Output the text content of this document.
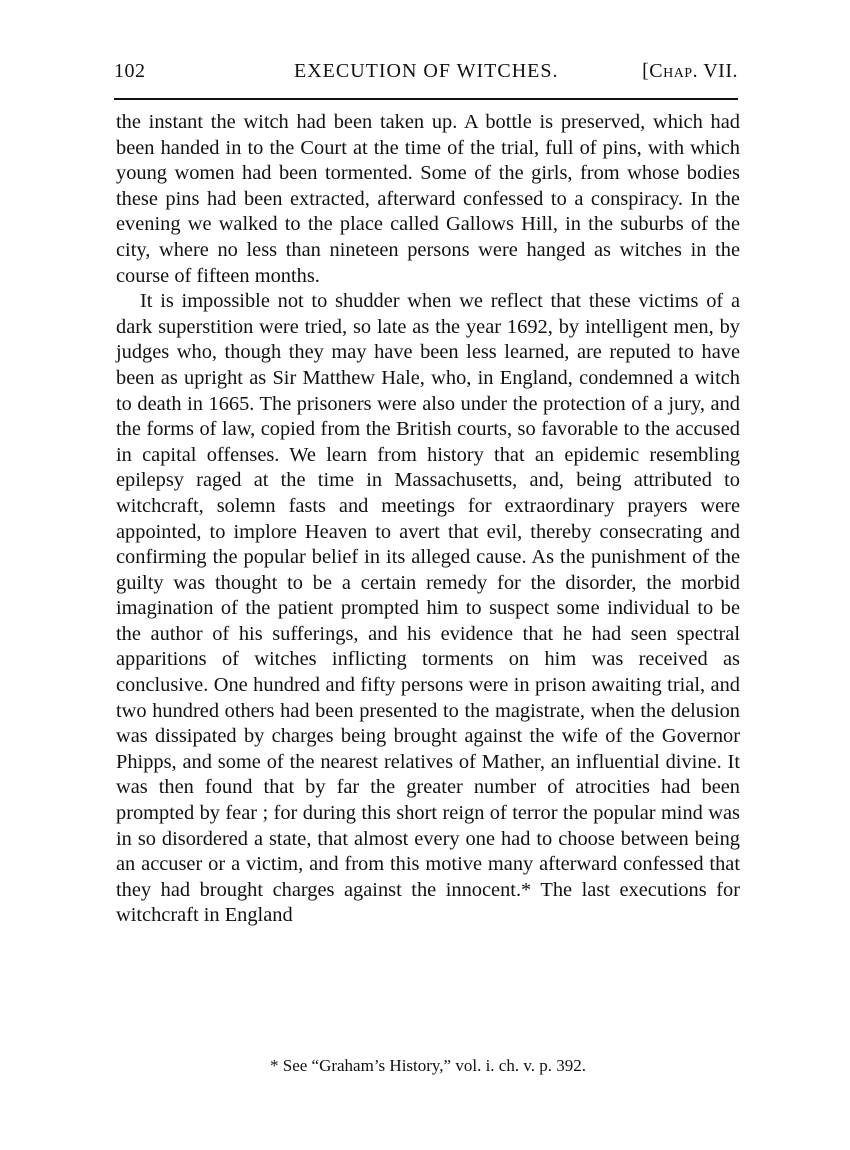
102	EXECUTION OF WITCHES.	[Chap. VII.

the instant the witch had been taken up. A bottle is preserved, which had been handed in to the Court at the time of the trial, full of pins, with which young women had been tormented. Some of the girls, from whose bodies these pins had been extracted, afterward confessed to a conspiracy. In the evening we walked to the place called Gallows Hill, in the suburbs of the city, where no less than nineteen persons were hanged as witches in the course of fifteen months.

It is impossible not to shudder when we reflect that these victims of a dark superstition were tried, so late as the year 1692, by intelligent men, by judges who, though they may have been less learned, are reputed to have been as upright as Sir Matthew Hale, who, in England, condemned a witch to death in 1665. The prisoners were also under the protection of a jury, and the forms of law, copied from the British courts, so favorable to the accused in capital offenses. We learn from history that an epidemic resembling epilepsy raged at the time in Massachusetts, and, being attributed to witchcraft, solemn fasts and meetings for extraordinary prayers were appointed, to implore Heaven to avert that evil, thereby consecrating and confirming the popular belief in its alleged cause. As the punishment of the guilty was thought to be a certain remedy for the disorder, the morbid imagination of the patient prompted him to suspect some individual to be the author of his sufferings, and his evidence that he had seen spectral apparitions of witches inflicting torments on him was received as conclusive. One hundred and fifty persons were in prison awaiting trial, and two hundred others had been presented to the magistrate, when the delusion was dissipated by charges being brought against the wife of the Governor Phipps, and some of the nearest relatives of Mather, an influential divine. It was then found that by far the greater number of atrocities had been prompted by fear ; for during this short reign of terror the popular mind was in so disordered a state, that almost every one had to choose between being an accuser or a victim, and from this motive many afterward confessed that they had brought charges against the innocent.* The last executions for witchcraft in England

* See “Graham’s History,” vol. i. ch. v. p. 392.
